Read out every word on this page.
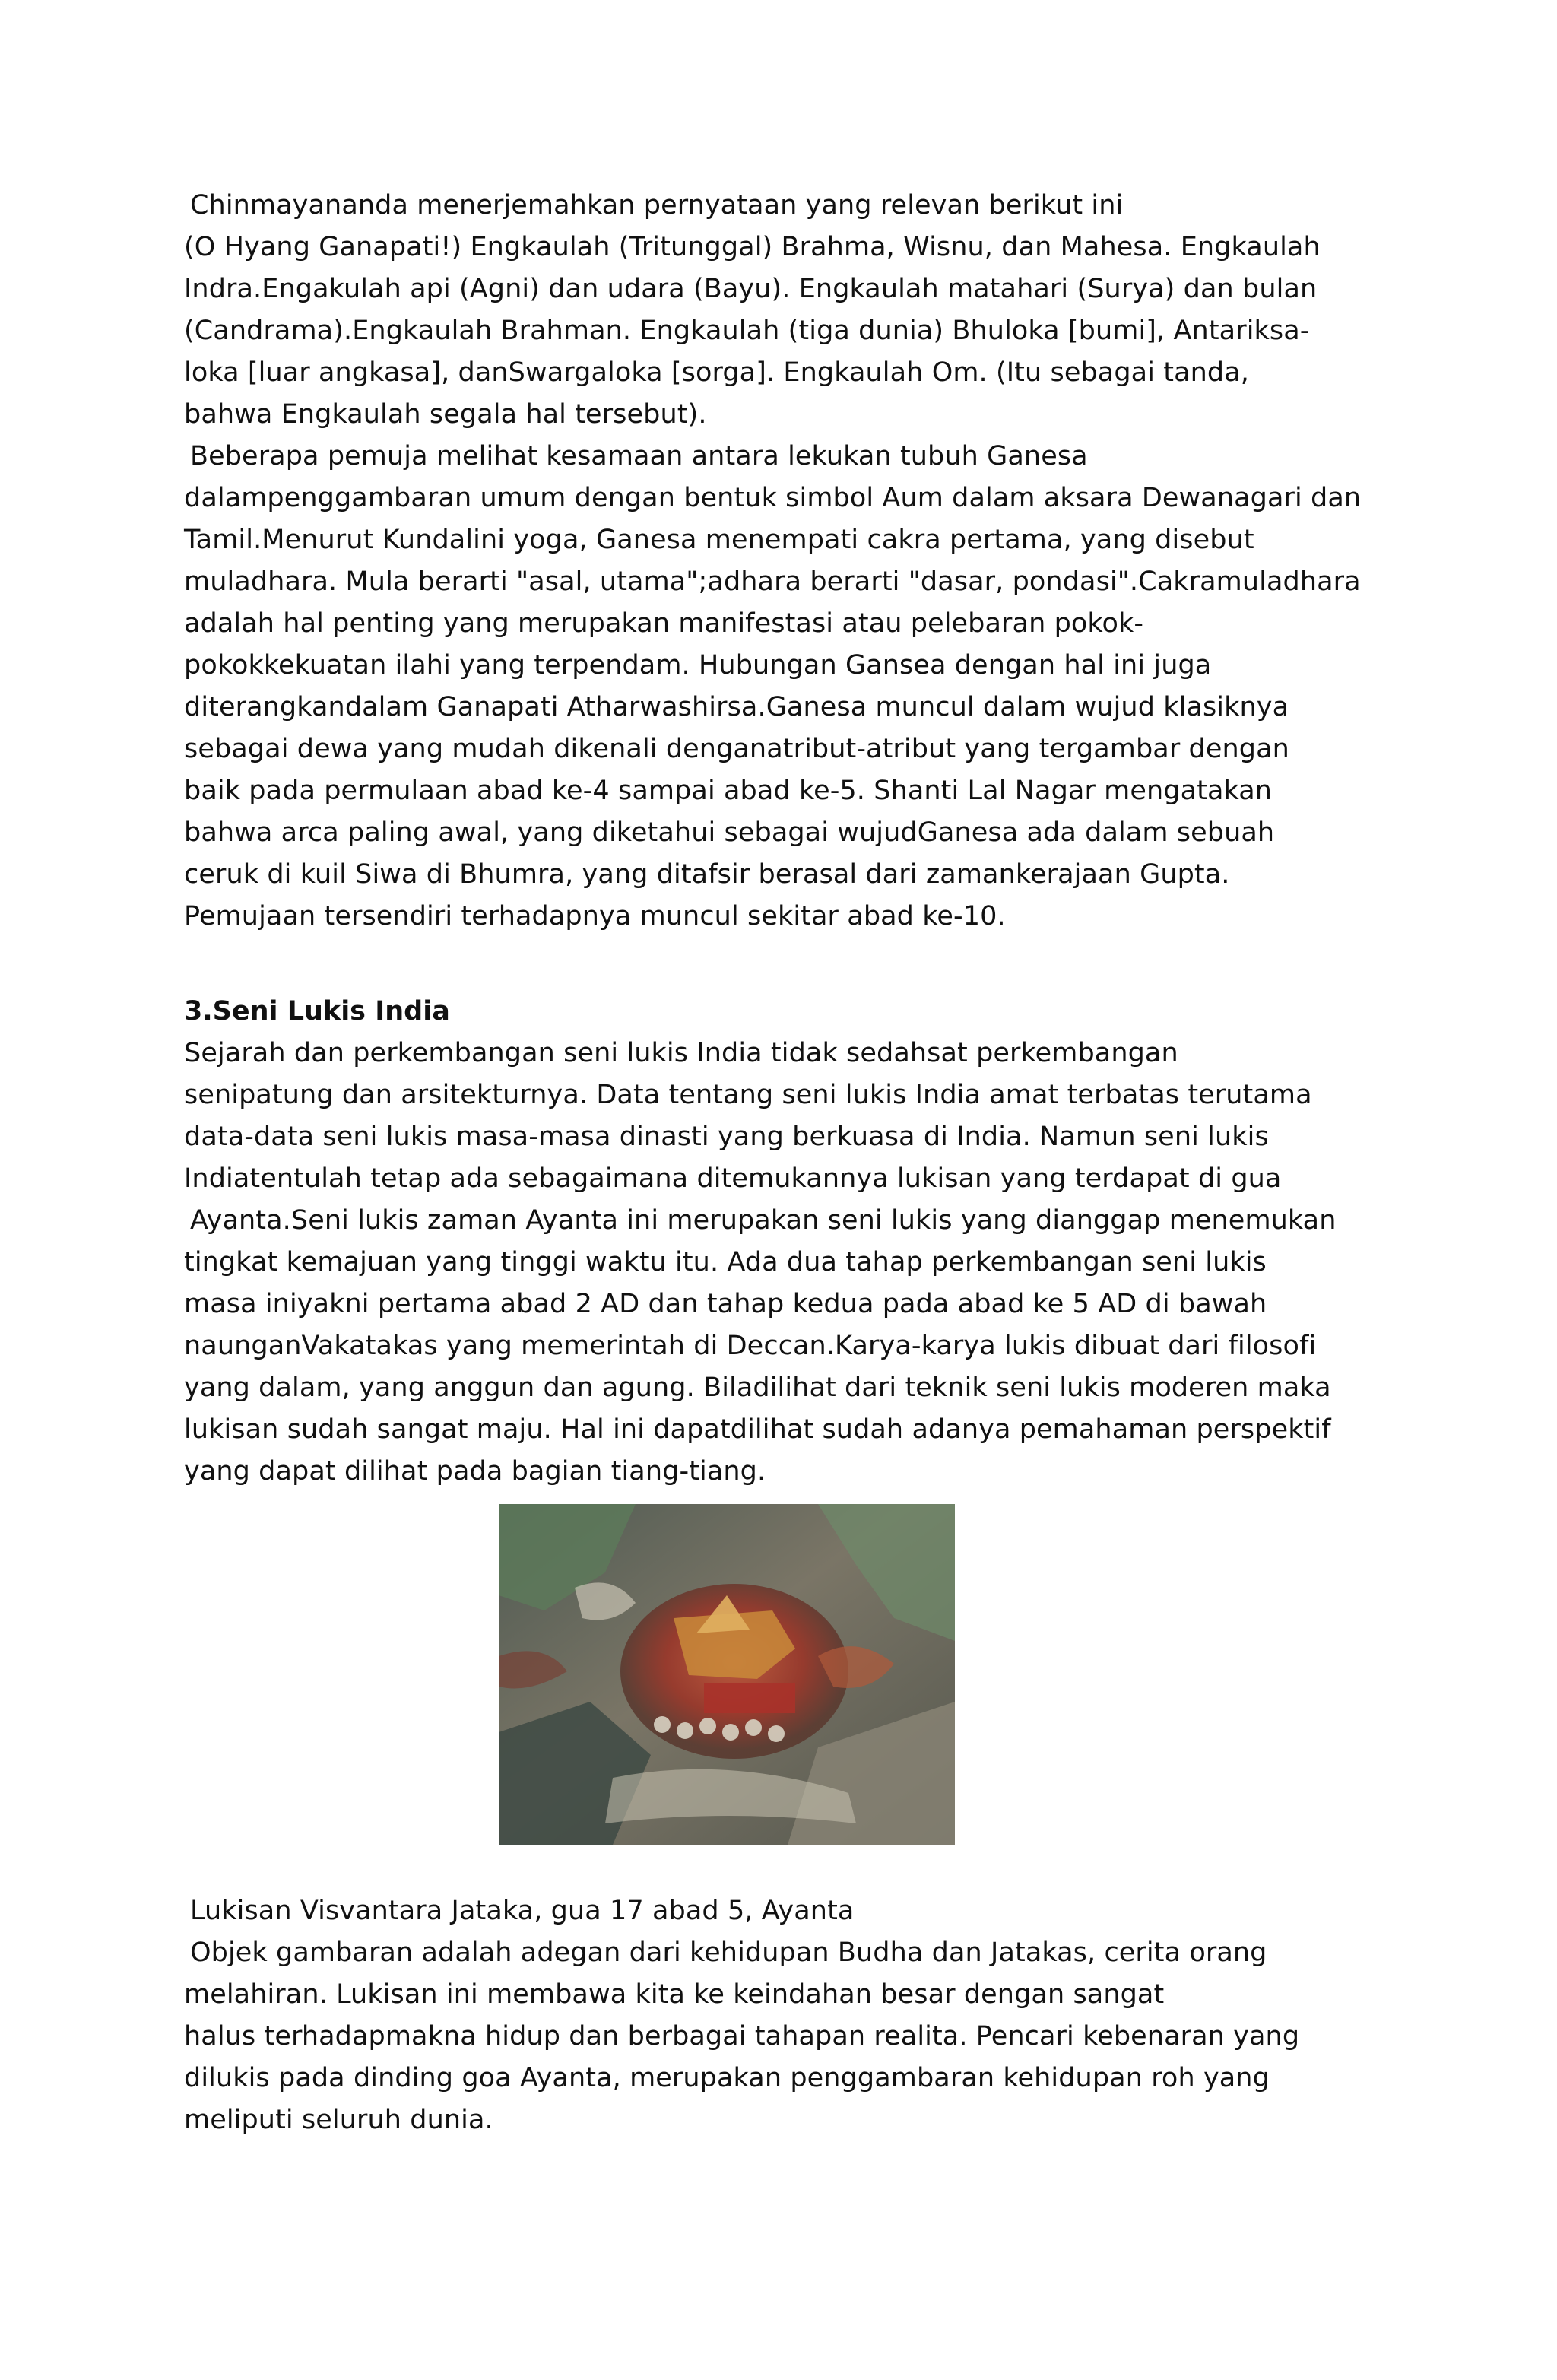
Chinmayananda menerjemahkan pernyataan yang relevan berikut ini
(O Hyang Ganapati!) Engkaulah (Tritunggal) Brahma, Wisnu, dan Mahesa. Engkaulah
Indra.Engakulah api (Agni) dan udara (Bayu). Engkaulah matahari (Surya) dan bulan
(Candrama).Engkaulah Brahman. Engkaulah (tiga dunia) Bhuloka [bumi], Antariksa-
loka [luar angkasa], danSwargaloka [sorga]. Engkaulah Om. (Itu sebagai tanda,
bahwa Engkaulah segala hal tersebut).
Beberapa pemuja melihat kesamaan antara lekukan tubuh Ganesa
dalampenggambaran umum dengan bentuk simbol Aum dalam aksara Dewanagari dan
Tamil.Menurut Kundalini yoga, Ganesa menempati cakra pertama, yang disebut
muladhara. Mula berarti "asal, utama";adhara berarti "dasar, pondasi".Cakramuladhara
adalah hal penting yang merupakan manifestasi atau pelebaran pokok-
pokokkekuatan ilahi yang terpendam. Hubungan Gansea dengan hal ini juga
diterangkandalam Ganapati Atharwashirsa.Ganesa muncul dalam wujud klasiknya
sebagai dewa yang mudah dikenali denganatribut-atribut yang tergambar dengan
baik pada permulaan abad ke-4 sampai abad ke-5. Shanti Lal Nagar mengatakan
bahwa arca paling awal, yang diketahui sebagai wujudGanesa ada dalam sebuah
ceruk di kuil Siwa di Bhumra, yang ditafsir berasal dari zamankerajaan Gupta.
Pemujaan tersendiri terhadapnya muncul sekitar abad ke-10.
3.Seni Lukis India
Sejarah dan perkembangan seni lukis India tidak sedahsat perkembangan
senipatung dan arsitekturnya. Data tentang seni lukis India amat terbatas terutama
data-data seni lukis masa-masa dinasti yang berkuasa di India. Namun seni lukis
Indiatentulah tetap ada sebagaimana ditemukannya lukisan yang terdapat di gua
Ayanta.Seni lukis zaman Ayanta ini merupakan seni lukis yang dianggap menemukan
tingkat kemajuan yang tinggi waktu itu. Ada dua tahap perkembangan seni lukis
masa iniyakni pertama abad 2 AD dan tahap kedua pada abad ke 5 AD di bawah
naunganVakatakas yang memerintah di Deccan.Karya-karya lukis dibuat dari filosofi
yang dalam, yang anggun dan agung. Biladilihat dari teknik seni lukis moderen maka
lukisan sudah sangat maju. Hal ini dapatdilihat sudah adanya pemahaman perspektif
yang dapat dilihat pada bagian tiang-tiang.
Lukisan Visvantara Jataka, gua 17 abad 5, Ayanta
Objek gambaran adalah adegan dari kehidupan Budha dan Jatakas, cerita orang
melahiran. Lukisan ini membawa kita ke keindahan besar dengan sangat
halus terhadapmakna hidup dan berbagai tahapan realita. Pencari kebenaran yang
dilukis pada dinding goa Ayanta, merupakan penggambaran kehidupan roh yang
meliputi seluruh dunia.
